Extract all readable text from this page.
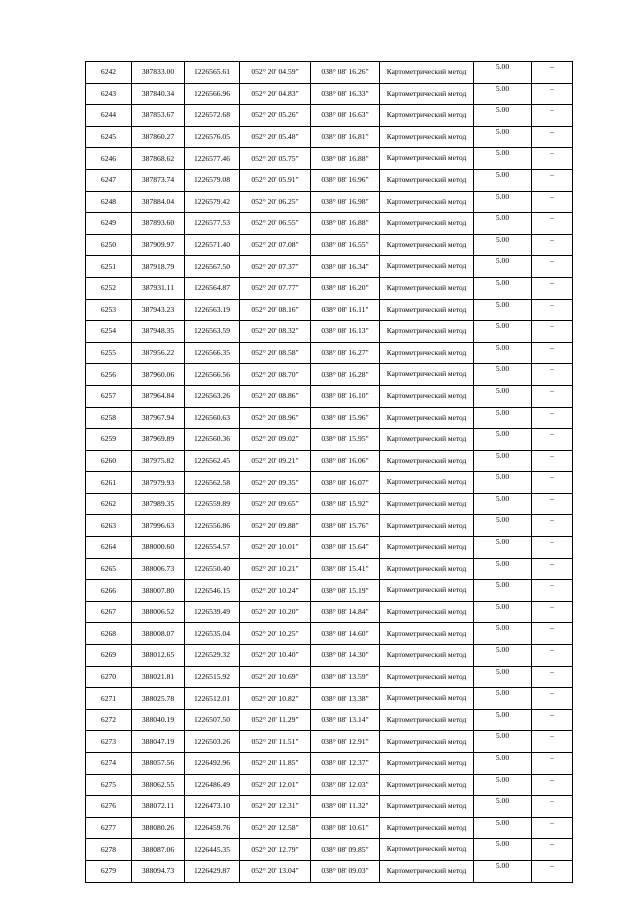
6242	387833.00	1226565.61	052° 20' 04.59"	038° 08' 16.26"	Картометрический метод	5.00	–
6243	387840.34	1226566.96	052° 20' 04.83"	038° 08' 16.33"	Картометрический метод	5.00	–
6244	387853.67	1226572.68	052° 20' 05.26"	038° 08' 16.63"	Картометрический метод	5.00	–
6245	387860.27	1226576.05	052° 20' 05.48"	038° 08' 16.81"	Картометрический метод	5.00	–
6246	387868.62	1226577.46	052° 20' 05.75"	038° 08' 16.88"	Картометрический метод	5.00	–
6247	387873.74	1226579.08	052° 20' 05.91"	038° 08' 16.96"	Картометрический метод	5.00	–
6248	387884.04	1226579.42	052° 20' 06.25"	038° 08' 16.98"	Картометрический метод	5.00	–
6249	387893.60	1226577.53	052° 20' 06.55"	038° 08' 16.88"	Картометрический метод	5.00	–
6250	387909.97	1226571.40	052° 20' 07.08"	038° 08' 16.55"	Картометрический метод	5.00	–
6251	387918.79	1226567.50	052° 20' 07.37"	038° 08' 16.34"	Картометрический метод	5.00	–
6252	387931.11	1226564.87	052° 20' 07.77"	038° 08' 16.20"	Картометрический метод	5.00	–
6253	387943.23	1226563.19	052° 20' 08.16"	038° 08' 16.11"	Картометрический метод	5.00	–
6254	387948.35	1226563.59	052° 20' 08.32"	038° 08' 16.13"	Картометрический метод	5.00	–
6255	387956.22	1226566.35	052° 20' 08.58"	038° 08' 16.27"	Картометрический метод	5.00	–
6256	387960.06	1226566.56	052° 20' 08.70"	038° 08' 16.28"	Картометрический метод	5.00	–
6257	387964.84	1226563.26	052° 20' 08.86"	038° 08' 16.10"	Картометрический метод	5.00	–
6258	387967.94	1226560.63	052° 20' 08.96"	038° 08' 15.96"	Картометрический метод	5.00	–
6259	387969.89	1226560.36	052° 20' 09.02"	038° 08' 15.95"	Картометрический метод	5.00	–
6260	387975.82	1226562.45	052° 20' 09.21"	038° 08' 16.06"	Картометрический метод	5.00	–
6261	387979.93	1226562.58	052° 20' 09.35"	038° 08' 16.07"	Картометрический метод	5.00	–
6262	387989.35	1226559.89	052° 20' 09.65"	038° 08' 15.92"	Картометрический метод	5.00	–
6263	387996.63	1226556.86	052° 20' 09.88"	038° 08' 15.76"	Картометрический метод	5.00	–
6264	388000.60	1226554.57	052° 20' 10.01"	038° 08' 15.64"	Картометрический метод	5.00	–
6265	388006.73	1226550.40	052° 20' 10.21"	038° 08' 15.41"	Картометрический метод	5.00	–
6266	388007.80	1226546.15	052° 20' 10.24"	038° 08' 15.19"	Картометрический метод	5.00	–
6267	388006.52	1226539.49	052° 20' 10.20"	038° 08' 14.84"	Картометрический метод	5.00	–
6268	388008.07	1226535.04	052° 20' 10.25"	038° 08' 14.60"	Картометрический метод	5.00	–
6269	388012.65	1226529.32	052° 20' 10.40"	038° 08' 14.30"	Картометрический метод	5.00	–
6270	388021.81	1226515.92	052° 20' 10.69"	038° 08' 13.59"	Картометрический метод	5.00	–
6271	388025.78	1226512.01	052° 20' 10.82"	038° 08' 13.38"	Картометрический метод	5.00	–
6272	388040.19	1226507.50	052° 20' 11.29"	038° 08' 13.14"	Картометрический метод	5.00	–
6273	388047.19	1226503.26	052° 20' 11.51"	038° 08' 12.91"	Картометрический метод	5.00	–
6274	388057.56	1226492.96	052° 20' 11.85"	038° 08' 12.37"	Картометрический метод	5.00	–
6275	388062.55	1226486.49	052° 20' 12.01"	038° 08' 12.03"	Картометрический метод	5.00	–
6276	388072.11	1226473.10	052° 20' 12.31"	038° 08' 11.32"	Картометрический метод	5.00	–
6277	388080.26	1226459.76	052° 20' 12.58"	038° 08' 10.61"	Картометрический метод	5.00	–
6278	388087.06	1226445.35	052° 20' 12.79"	038° 08' 09.85"	Картометрический метод	5.00	–
6279	388094.73	1226429.87	052° 20' 13.04"	038° 08' 09.03"	Картометрический метод	5.00	–
